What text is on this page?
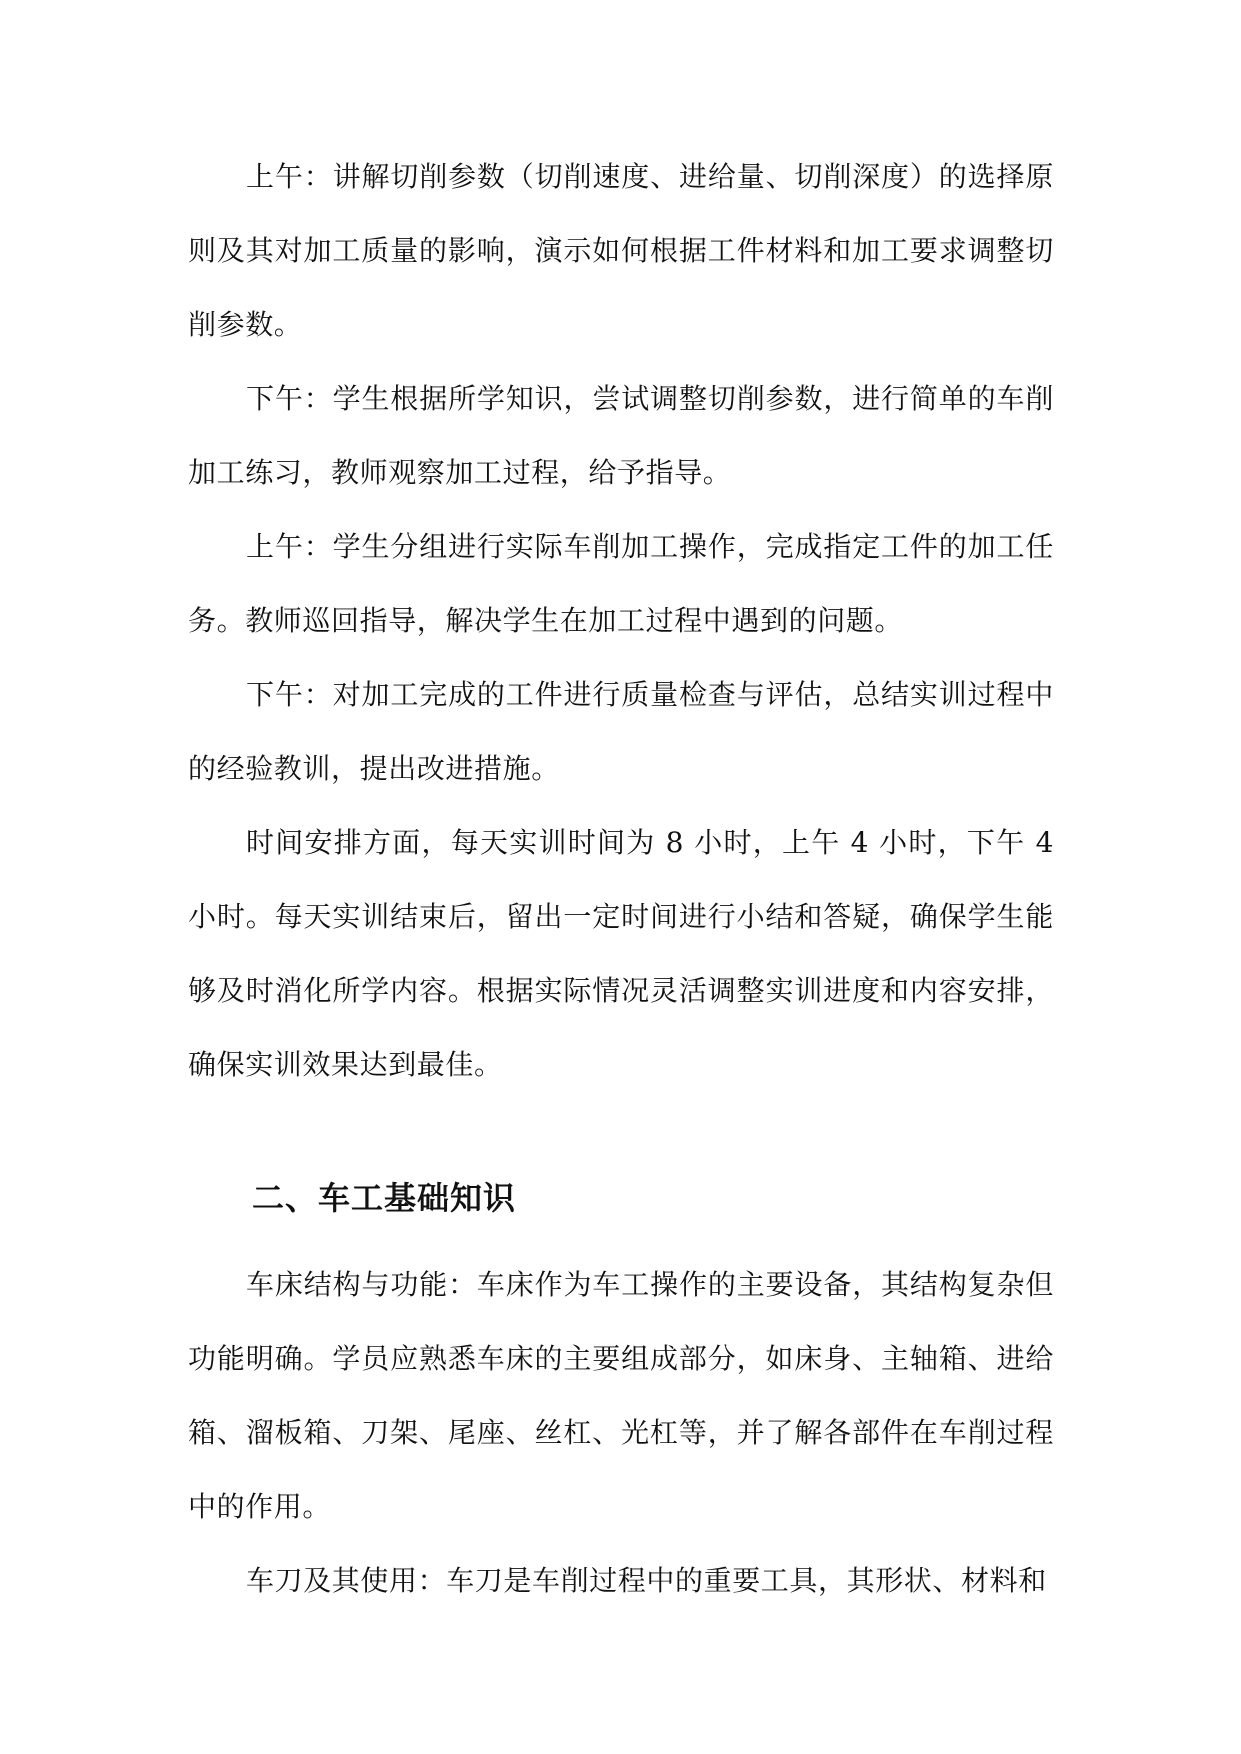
上午：讲解切削参数（切削速度、进给量、切削深度）的选择原则及其对加工质量的影响，演示如何根据工件材料和加工要求调整切削参数。

下午：学生根据所学知识，尝试调整切削参数，进行简单的车削加工练习，教师观察加工过程，给予指导。

上午：学生分组进行实际车削加工操作，完成指定工件的加工任务。教师巡回指导，解决学生在加工过程中遇到的问题。

下午：对加工完成的工件进行质量检查与评估，总结实训过程中的经验教训，提出改进措施。

时间安排方面，每天实训时间为 8 小时，上午 4 小时，下午 4 小时。每天实训结束后，留出一定时间进行小结和答疑，确保学生能够及时消化所学内容。根据实际情况灵活调整实训进度和内容安排，确保实训效果达到最佳。

二、车工基础知识

车床结构与功能：车床作为车工操作的主要设备，其结构复杂但功能明确。学员应熟悉车床的主要组成部分，如床身、主轴箱、进给箱、溜板箱、刀架、尾座、丝杠、光杠等，并了解各部件在车削过程中的作用。

车刀及其使用：车刀是车削过程中的重要工具，其形状、材料和
